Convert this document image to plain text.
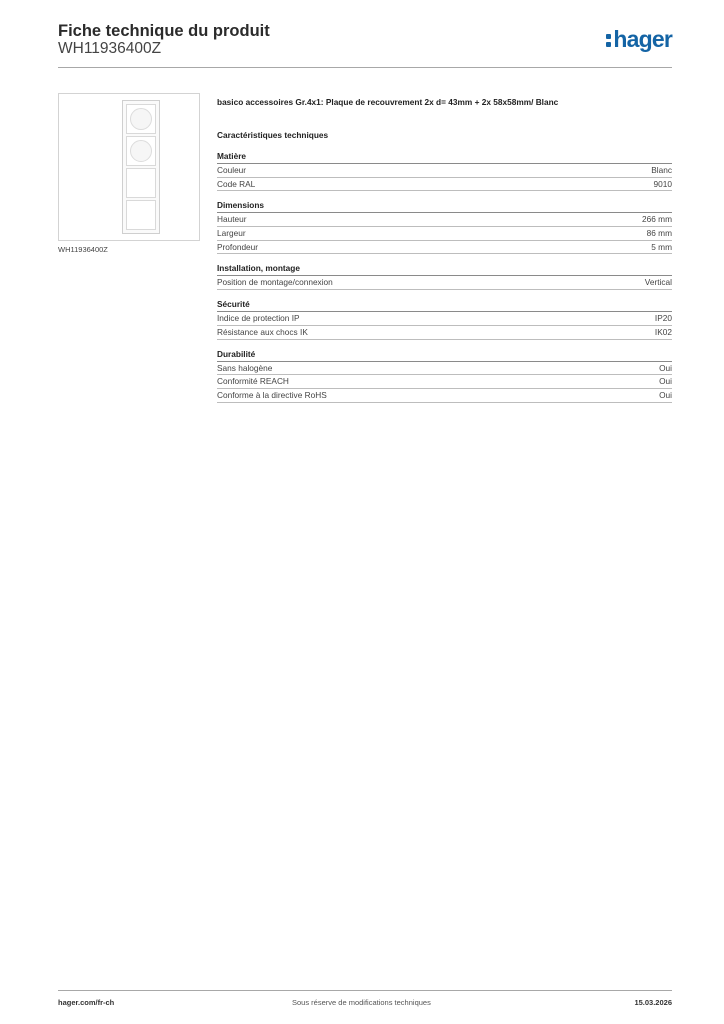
Fiche technique du produit
WH11936400Z	hager
WH11936400Z
basico accessoires Gr.4x1: Plaque de recouvrement 2x d= 43mm + 2x 58x58mm/ Blanc
Caractéristiques techniques
Matière
Couleur	Blanc
Code RAL	9010
Dimensions
Hauteur	266 mm
Largeur	86 mm
Profondeur	5 mm
Installation, montage
Position de montage/connexion	Vertical
Sécurité
Indice de protection IP	IP20
Résistance aux chocs IK	IK02
Durabilité
Sans halogène	Oui
Conformité REACH	Oui
Conforme à la directive RoHS	Oui
hager.com/fr-ch	Sous réserve de modifications techniques	15.03.2026
